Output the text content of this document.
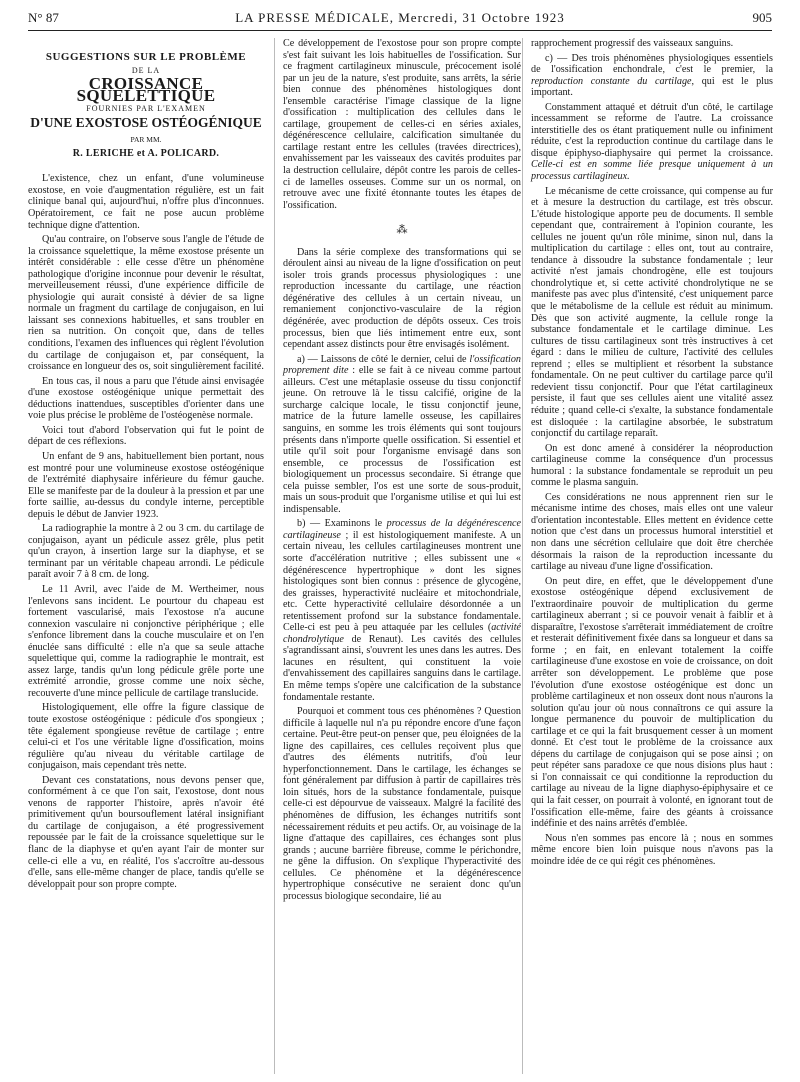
N° 87	LA PRESSE MÉDICALE, Mercredi, 31 Octobre 1923	905
SUGGESTIONS SUR LE PROBLÈME
DE LA
CROISSANCE SQUELETTIQUE
FOURNIES PAR L'EXAMEN
D'UNE EXOSTOSE OSTÉOGÉNIQUE
PAR MM.
R. LERICHE et A. POLICARD.

L'existence, chez un enfant, d'une volumineuse exostose, en voie d'augmentation régulière, est un fait clinique banal qui, aujourd'hui, n'offre plus d'inconnues. Opératoirement, ce fait ne pose aucun problème technique digne d'attention.

Qu'au contraire, on l'observe sous l'angle de l'étude de la croissance squelettique, la même exostose présente un intérêt considérable : elle cesse d'être un phénomène pathologique d'origine inconnue pour devenir le résultat, merveilleusement réussi, d'une expérience difficile de physiologie qui aurait consisté à dévier de sa ligne normale un fragment du cartilage de conjugaison, en lui laissant ses connexions habituelles, et sans troubler en rien sa nutrition. On conçoit que, dans de telles conditions, l'examen des influences qui règlent l'évolution du cartilage de conjugaison et, par conséquent, la croissance en longueur des os, soit singulièrement facilité.

En tous cas, il nous a paru que l'étude ainsi envisagée d'une exostose ostéogénique unique permettait des déductions inattendues, susceptibles d'orienter dans une voie plus précise le problème de l'ostéogenèse normale.

Voici tout d'abord l'observation qui fut le point de départ de ces réflexions.

Un enfant de 9 ans, habituellement bien portant, nous est montré pour une volumineuse exostose ostéogénique de l'extrémité diaphysaire inférieure du fémur gauche. Elle se manifeste par de la douleur à la pression et par une forte saillie, au-dessus du condyle interne, perceptible depuis le début de Janvier 1923.

La radiographie la montre à 2 ou 3 cm. du cartilage de conjugaison, ayant un pédicule assez grêle, plus petit qu'un crayon, à insertion large sur la diaphyse, et se terminant par un véritable chapeau arrondi. Le pédicule paraît avoir 7 à 8 cm. de long.

Le 11 Avril, avec l'aide de M. Wertheimer, nous l'enlevons sans incident. Le pourtour du chapeau est fortement vascularisé, mais l'exostose n'a aucune connexion vasculaire ni conjonctive périphérique ; elle s'enfonce librement dans la couche musculaire et on l'en énuclée sans difficulté : elle n'a que sa seule attache squelettique qui, comme la radiographie le montrait, est assez large, tandis qu'un long pédicule grêle porte une extrémité arrondie, grosse comme une noix sèche, recouverte d'une mince pellicule de cartilage translucide.

Histologiquement, elle offre la figure classique de toute exostose ostéogénique : pédicule d'os spongieux ; tête également spongieuse revêtue de cartilage ; entre celui-ci et l'os une véritable ligne d'ossification, moins régulière qu'au niveau du véritable cartilage de conjugaison, mais cependant très nette.

Devant ces constatations, nous devons penser que, conformément à ce que l'on sait, l'exostose, dont nous venons de rapporter l'histoire, après n'avoir été primitivement qu'un boursouflement latéral insignifiant du cartilage de conjugaison, a été progressivement repoussée par le fait de la croissance squelettique sur le flanc de la diaphyse et qu'en ayant l'air de monter sur celle-ci elle a vu, en réalité, l'os s'accroître au-dessous d'elle, sans elle-même changer de place, tandis qu'elle se développait pour son propre compte.

Ce développement de l'exostose pour son propre compte s'est fait suivant les lois habituelles de l'ossification. Sur ce fragment cartilagineux minuscule, précocement isolé par un jeu de la nature, s'est produite, sans arrêts, la série bien connue des phénomènes histologiques dont l'ensemble caractérise l'image classique de la ligne d'ossification : multiplication des cellules dans le cartilage, groupement de celles-ci en séries axiales, dégénérescence cellulaire, calcification simultanée du cartilage restant entre les cellules (travées directrices), envahissement par les vaisseaux des cavités produites par la destruction cellulaire, dépôt contre les parois de celles-ci de lamelles osseuses. Comme sur un os normal, on retrouve avec une fixité étonnante toutes les étapes de l'ossification.

⁂

Dans la série complexe des transformations qui se déroulent ainsi au niveau de la ligne d'ossification on peut isoler trois grands processus physiologiques : une reproduction incessante du cartilage, une réaction dégénérative des cellules à un certain niveau, un remaniement conjonctivo-vasculaire de la région dégénérée, avec production de dépôts osseux. Ces trois processus, bien que liés intimement entre eux, sont cependant assez distincts pour être envisagés isolément.

a) — Laissons de côté le dernier, celui de l'ossification proprement dite : elle se fait à ce niveau comme partout ailleurs. C'est une métaplasie osseuse du tissu conjonctif jeune. On retrouve là le tissu calcifié, origine de la surcharge calcique locale, le tissu conjonctif jeune, matrice de la future lamelle osseuse, les capillaires sanguins, en somme les trois éléments qui sont toujours présents dans n'importe quelle ossification. Si essentiel et utile qu'il soit pour l'organisme envisagé dans son ensemble, ce processus de l'ossification est biologiquement un processus secondaire. Si étrange que cela puisse sembler, l'os est une sorte de sous-produit, mais un sous-produit que l'organisme utilise et qui lui est indispensable.

b) — Examinons le processus de la dégénérescence cartilagineuse ; il est histologiquement manifeste. A un certain niveau, les cellules cartilagineuses montrent une sorte d'accélération nutritive ; elles subissent une « dégénérescence hypertrophique » dont les signes histologiques sont bien connus : présence de glycogène, des graisses, hyperactivité nucléaire et mitochondriale, etc. Cette hyperactivité cellulaire désordonnée a un retentissement profond sur la substance fondamentale. Celle-ci est peu à peu attaquée par les cellules (activité chondrolytique de Renaut). Les cavités des cellules s'agrandissant ainsi, s'ouvrent les unes dans les autres. Des lacunes en résultent, qui constituent la voie d'envahissement des capillaires sanguins dans le cartilage. En même temps s'opère une calcification de la substance fondamentale restante.

Pourquoi et comment tous ces phénomènes ? Question difficile à laquelle nul n'a pu répondre encore d'une façon certaine. Peut-être peut-on penser que, peu éloignées de la ligne des capillaires, ces cellules reçoivent plus que d'autres des éléments nutritifs, d'où leur hyperfonctionnement. Dans le cartilage, les échanges se font généralement par diffusion à partir de capillaires très loin situés, hors de la substance fondamentale, puisque celle-ci est dépourvue de vaisseaux. Malgré la facilité des phénomènes de diffusion, les échanges nutritifs sont nécessairement réduits et peu actifs. Or, au voisinage de la ligne d'attaque des capillaires, ces échanges sont plus grands ; aucune barrière fibreuse, comme le périchondre, ne gêne la diffusion. On s'explique l'hyperactivité des cellules. Ce phénomène et la dégénérescence hypertrophique consécutive ne seraient donc qu'un processus biologique secondaire, lié au

rapprochement progressif des vaisseaux sanguins.

c) — Des trois phénomènes physiologiques essentiels de l'ossification enchondrale, c'est le premier, la reproduction constante du cartilage, qui est le plus important.

Constamment attaqué et détruit d'un côté, le cartilage incessamment se reforme de l'autre. La croissance interstitielle des os étant pratiquement nulle ou infiniment réduite, c'est la reproduction continue du cartilage dans le disque épiphyso-diaphysaire qui permet la croissance. Celle-ci est en somme liée presque uniquement à un processus cartilagineux.

Le mécanisme de cette croissance, qui compense au fur et à mesure la destruction du cartilage, est très obscur. L'étude histologique apporte peu de documents. Il semble cependant que, contrairement à l'opinion courante, les cellules ne jouent qu'un rôle minime, sinon nul, dans la multiplication du cartilage : elles ont, tout au contraire, tendance à dissoudre la substance fondamentale ; leur activité n'est jamais chondrogène, elle est toujours chondrolytique et, si cette activité chondrolytique ne se manifeste pas avec plus d'intensité, c'est uniquement parce que le métabolisme de la cellule est réduit au minimum. Dès que son activité augmente, la cellule ronge la substance fondamentale et le cartilage diminue. Les cultures de tissu cartilagineux sont très instructives à cet égard : dans le milieu de culture, l'activité des cellules reprend ; elles se multiplient et résorbent la substance fondamentale. On ne peut cultiver du cartilage parce qu'il redevient tissu conjonctif. Pour que l'état cartilagineux persiste, il faut que ses cellules aient une vitalité assez réduite ; quand celle-ci s'exalte, la substance fondamentale est disloquée : la cartilagine absorbée, le substratum conjonctif du cartilage reparaît.

On est donc amené à considérer la néoproduction cartilagineuse comme la conséquence d'un processus humoral : la substance fondamentale se reproduit un peu comme le plasma sanguin.

Ces considérations ne nous apprennent rien sur le mécanisme intime des choses, mais elles ont une valeur d'orientation incontestable. Elles mettent en évidence cette notion que c'est dans un processus humoral interstitiel et non dans une sécrétion cellulaire que doit être cherchée désormais la raison de la reproduction incessante du cartilage au niveau d'une ligne d'ossification.

On peut dire, en effet, que le développement d'une exostose ostéogénique dépend exclusivement de l'extraordinaire pouvoir de multiplication du germe cartilagineux aberrant ; si ce pouvoir venait à faiblir et à disparaître, l'exostose s'arrêterait immédiatement de croître et resterait définitivement fixée dans sa longueur et dans sa forme ; en fait, en enlevant totalement la coiffe cartilagineuse d'une exostose en voie de croissance, on doit arrêter son développement. Le problème que pose l'évolution d'une exostose ostéogénique est donc un problème cartilagineux et non osseux dont nous n'aurons la solution qu'au jour où nous connaîtrons ce qui assure la longue permanence du pouvoir de multiplication du cartilage et ce qui la fait brusquement cesser à un moment donné. Et c'est tout le problème de la croissance aux dépens du cartilage de conjugaison qui se pose ainsi ; on peut répéter sans paradoxe ce que nous disions plus haut : si l'on connaissait ce qui conditionne la reproduction du cartilage au niveau de la ligne diaphyso-épiphysaire et ce qui la fait cesser, on pourrait à volonté, en ignorant tout de l'ossification elle-même, faire des géants à croissance indéfinie et des nains arrêtés d'emblée.

Nous n'en sommes pas encore là ; nous en sommes même encore bien loin puisque nous n'avons pas la moindre idée de ce qui régit ces phénomènes.
